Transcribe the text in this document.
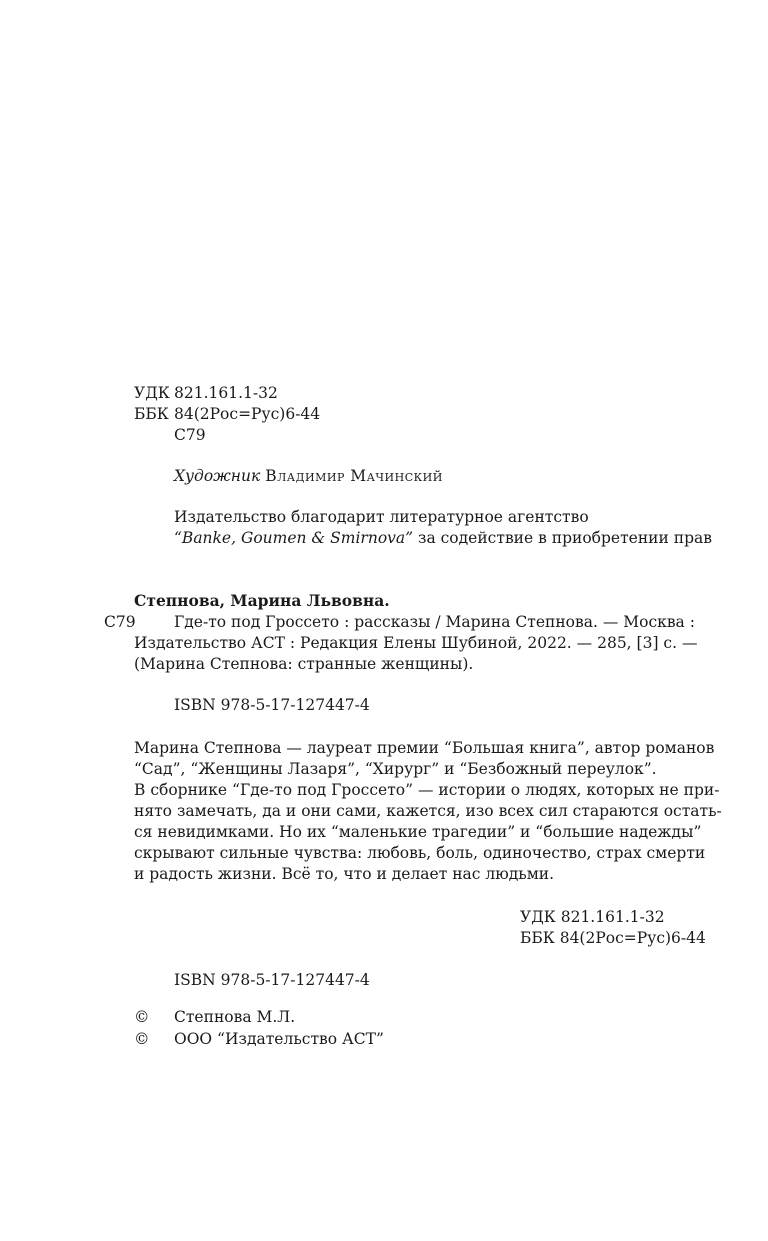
УДК 821.161.1-32
ББК 84(2Рос=Рус)6-44
С79
Художник Владимир Мачинский
Издательство благодарит литературное агентство
“Banke, Goumen & Smirnova” за содействие в приобретении прав
Степнова, Марина Львовна.
С79 Где-то под Гроссето : рассказы / Марина Степнова. — Москва :
Издательство АСТ : Редакция Елены Шубиной, 2022. — 285, [3] с. —
(Марина Степнова: странные женщины).
ISBN 978-5-17-127447-4
Марина Степнова — лауреат премии “Большая книга”, автор романов
“Сад”, “Женщины Лазаря”, “Хирург” и “Безбожный переулок”.
В сборнике “Где-то под Гроссето” — истории о людях, которых не при-
нято замечать, да и они сами, кажется, изо всех сил стараются остать-
ся невидимками. Но их “маленькие трагедии” и “большие надежды”
скрывают сильные чувства: любовь, боль, одиночество, страх смерти
и радость жизни. Всё то, что и делает нас людьми.
УДК 821.161.1-32
ББК 84(2Рос=Рус)6-44
ISBN 978-5-17-127447-4
© Степнова М.Л.
© ООО “Издательство АСТ”
